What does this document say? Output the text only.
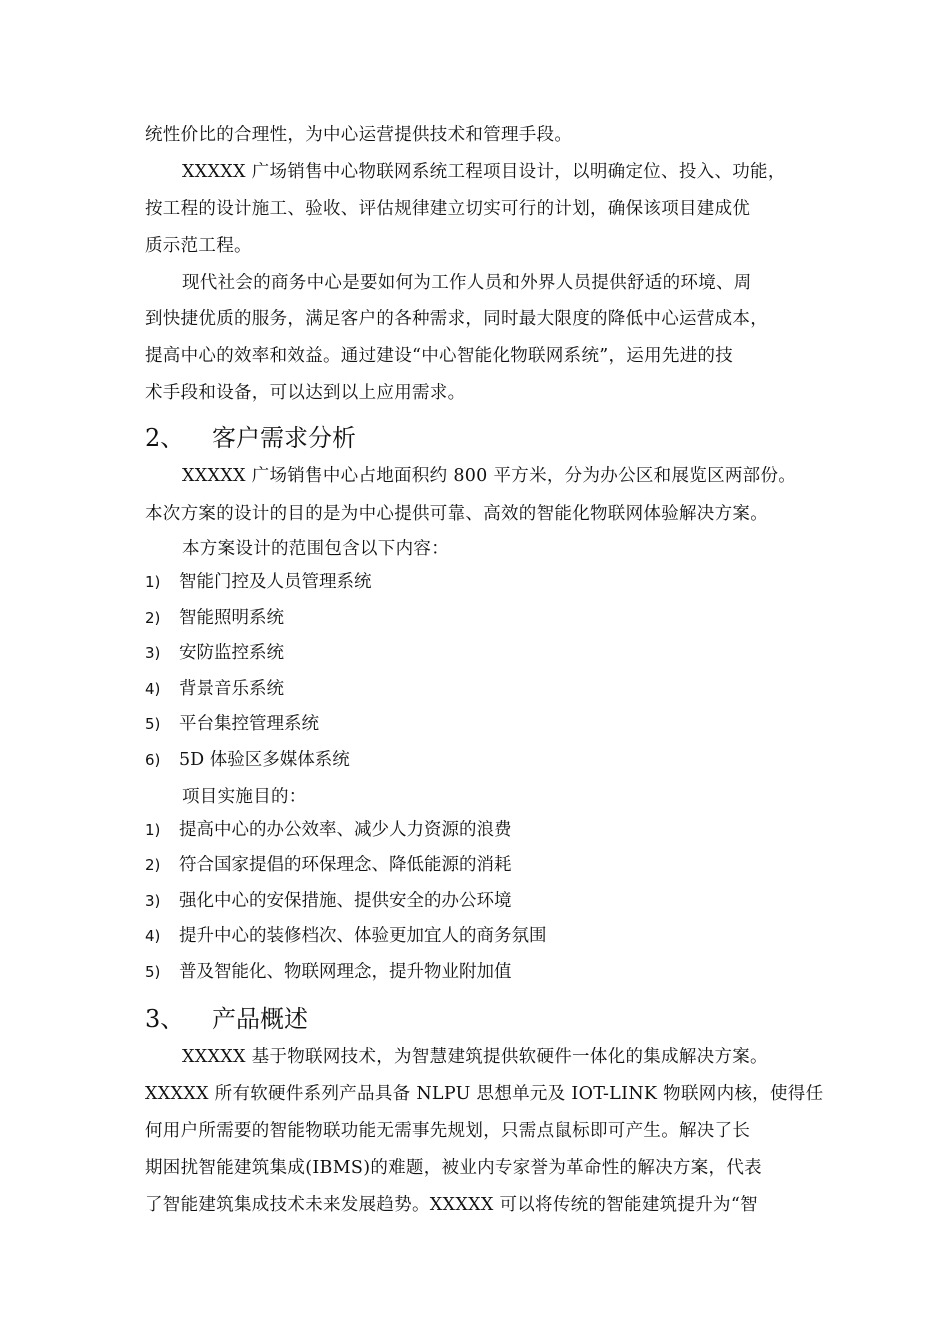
统性价比的合理性，为中心运营提供技术和管理手段。
XXXXX 广场销售中心物联网系统工程项目设计，以明确定位、投入、功能，
按工程的设计施工、验收、评估规律建立切实可行的计划，确保该项目建成优
质示范工程。
现代社会的商务中心是要如何为工作人员和外界人员提供舒适的环境、周
到快捷优质的服务，满足客户的各种需求，同时最大限度的降低中心运营成本，
提高中心的效率和效益。通过建设“中心智能化物联网系统”，运用先进的技
术手段和设备，可以达到以上应用需求。
2、 客户需求分析
XXXXX 广场销售中心占地面积约 800 平方米，分为办公区和展览区两部份。
本次方案的设计的目的是为中心提供可靠、高效的智能化物联网体验解决方案。
本方案设计的范围包含以下内容：
1) 智能门控及人员管理系统
2) 智能照明系统
3) 安防监控系统
4) 背景音乐系统
5) 平台集控管理系统
6) 5D 体验区多媒体系统
项目实施目的：
1) 提高中心的办公效率、减少人力资源的浪费
2) 符合国家提倡的环保理念、降低能源的消耗
3) 强化中心的安保措施、提供安全的办公环境
4) 提升中心的装修档次、体验更加宜人的商务氛围
5) 普及智能化、物联网理念，提升物业附加值
3、 产品概述
XXXXX 基于物联网技术，为智慧建筑提供软硬件一体化的集成解决方案。
XXXXX 所有软硬件系列产品具备 NLPU 思想单元及 IOT-LINK 物联网内核，使得任
何用户所需要的智能物联功能无需事先规划，只需点鼠标即可产生。解决了长
期困扰智能建筑集成(IBMS)的难题，被业内专家誉为革命性的解决方案，代表
了智能建筑集成技术未来发展趋势。XXXXX 可以将传统的智能建筑提升为“智
